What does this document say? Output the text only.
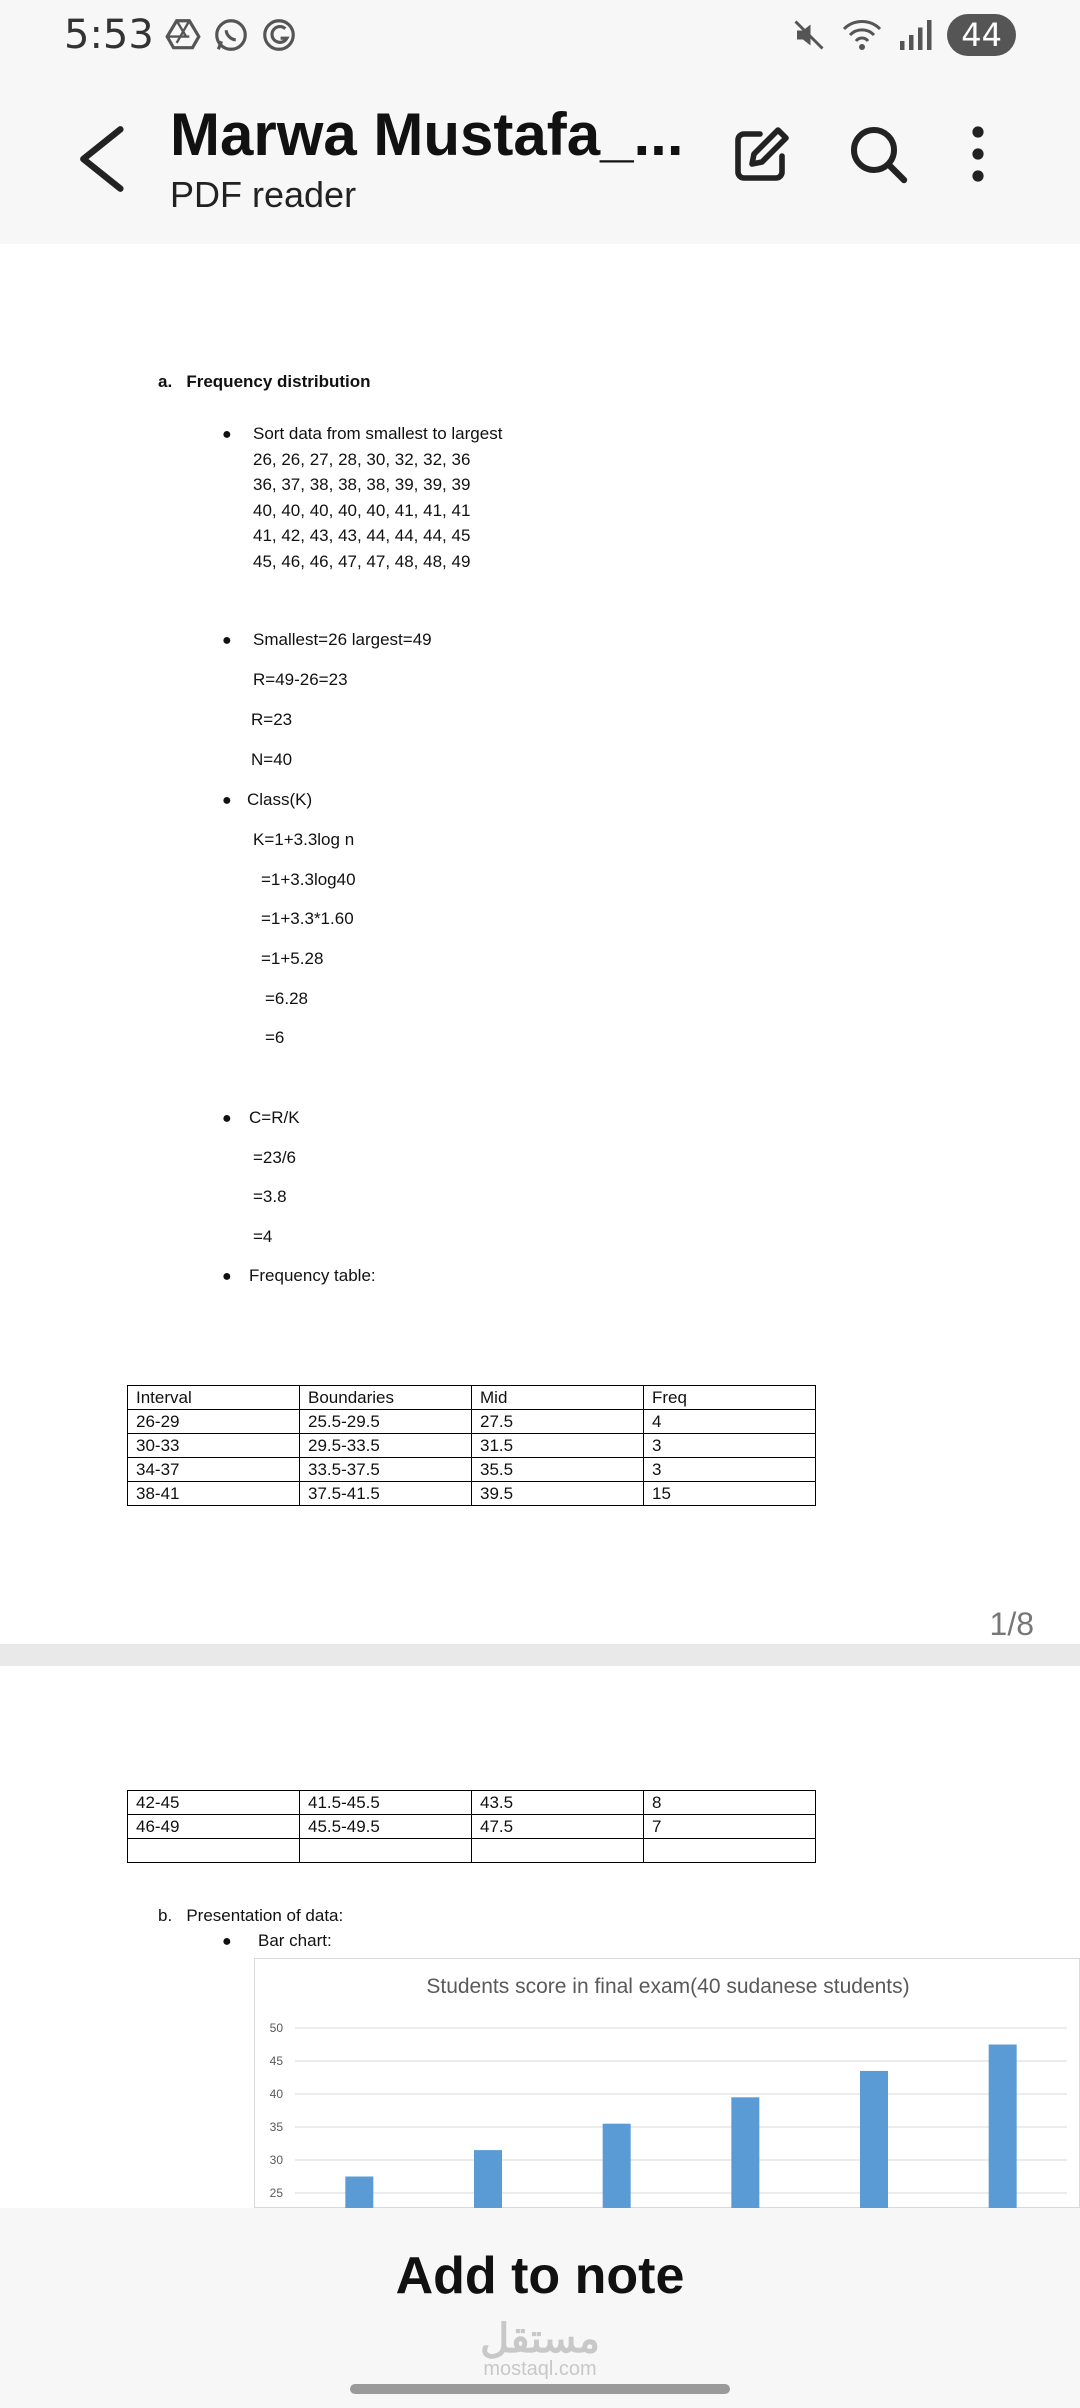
5:53	44
Marwa Mustafa_...
PDF reader
a.   Frequency distribution
● Sort data from smallest to largest
26, 26, 27, 28, 30, 32, 32, 36
36, 37, 38, 38, 38, 39, 39, 39
40, 40, 40, 40, 40, 41, 41, 41
41, 42, 43, 43, 44, 44, 44, 45
45, 46, 46, 47, 47, 48, 48, 49
● Smallest=26 largest=49
R=49-26=23
R=23
N=40
● Class(K)
K=1+3.3log n
=1+3.3log40
=1+3.3*1.60
=1+5.28
=6.28
=6
● C=R/K
=23/6
=3.8
=4
● Frequency table:
Interval	Boundaries	Mid	Freq
26-29	25.5-29.5	27.5	4
30-33	29.5-33.5	31.5	3
34-37	33.5-37.5	35.5	3
38-41	37.5-41.5	39.5	15
1/8
42-45	41.5-45.5	43.5	8
46-49	45.5-49.5	47.5	7

b.   Presentation of data:
● Bar chart:
Students score in final exam(40 sudanese students)
25
30
35
40
45
50
Add to note
مستقل
mostaql.com
